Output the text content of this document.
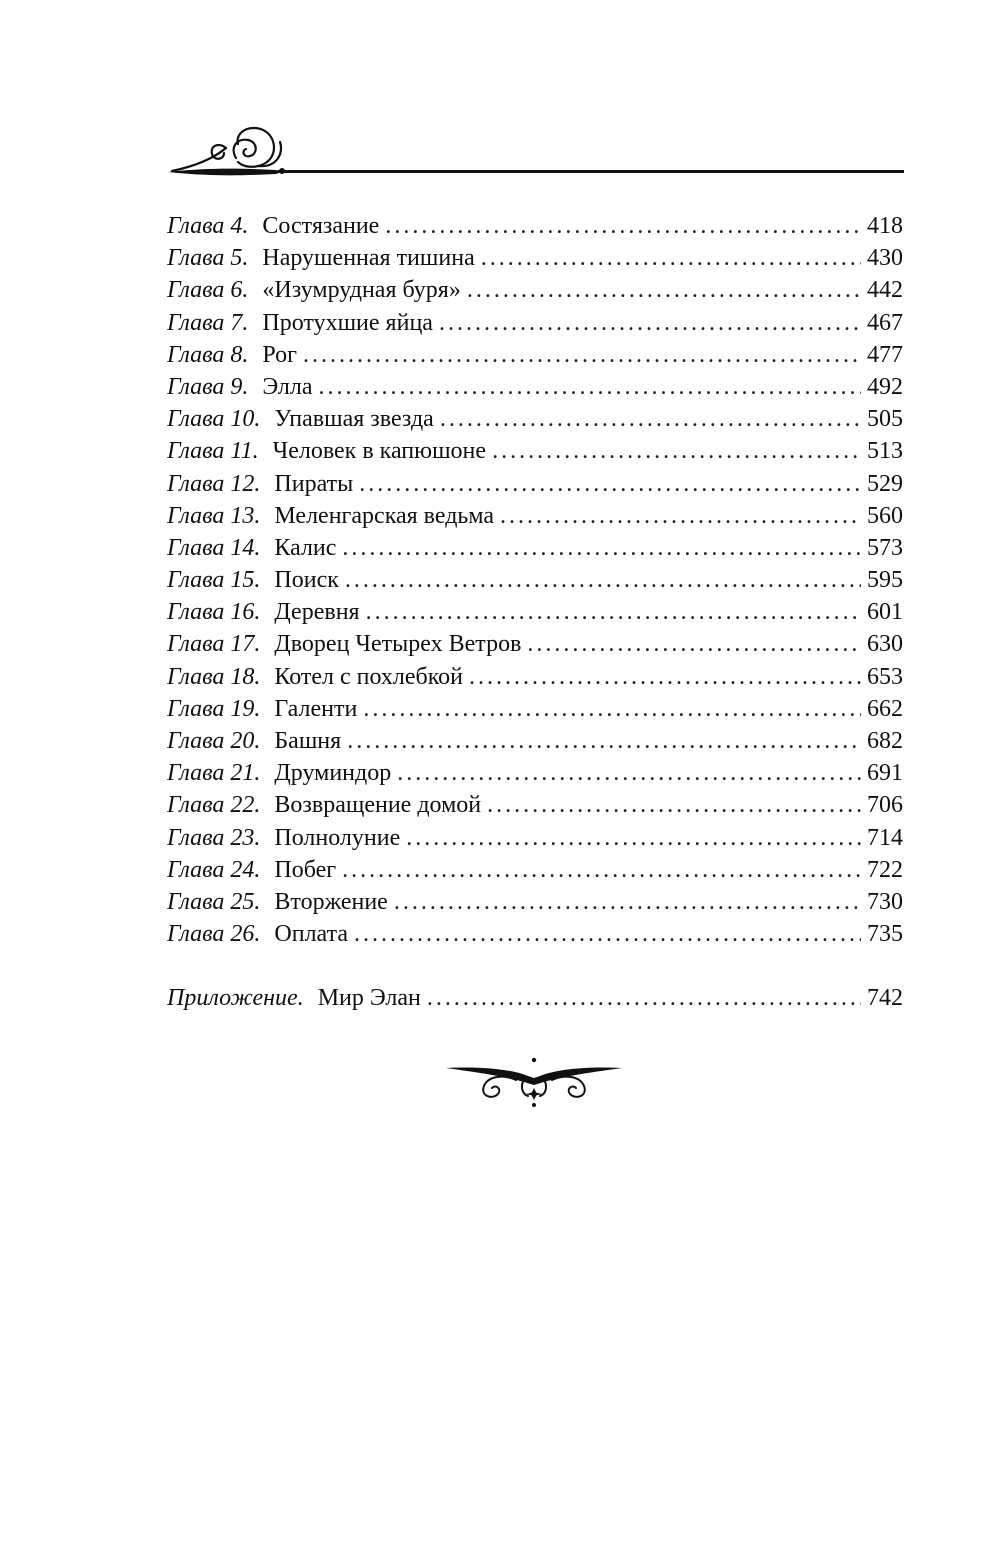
Глава 4. Состязание . . .	418
Глава 5. Нарушенная тишина . . .	430
Глава 6. «Изумрудная буря» . . .	442
Глава 7. Протухшие яйца . . .	467
Глава 8. Рог . . .	477
Глава 9. Элла . . .	492
Глава 10. Упавшая звезда . . .	505
Глава 11. Человек в капюшоне . . .	513
Глава 12. Пираты . . .	529
Глава 13. Меленгарская ведьма . . .	560
Глава 14. Калис . . .	573
Глава 15. Поиск . . .	595
Глава 16. Деревня . . .	601
Глава 17. Дворец Четырех Ветров . . .	630
Глава 18. Котел с похлебкой . . .	653
Глава 19. Галенти . . .	662
Глава 20. Башня . . .	682
Глава 21. Друминдор . . .	691
Глава 22. Возвращение домой . . .	706
Глава 23. Полнолуние . . .	714
Глава 24. Побег . . .	722
Глава 25. Вторжение . . .	730
Глава 26. Оплата . . .	735
Приложение. Мир Элан . . .	742
